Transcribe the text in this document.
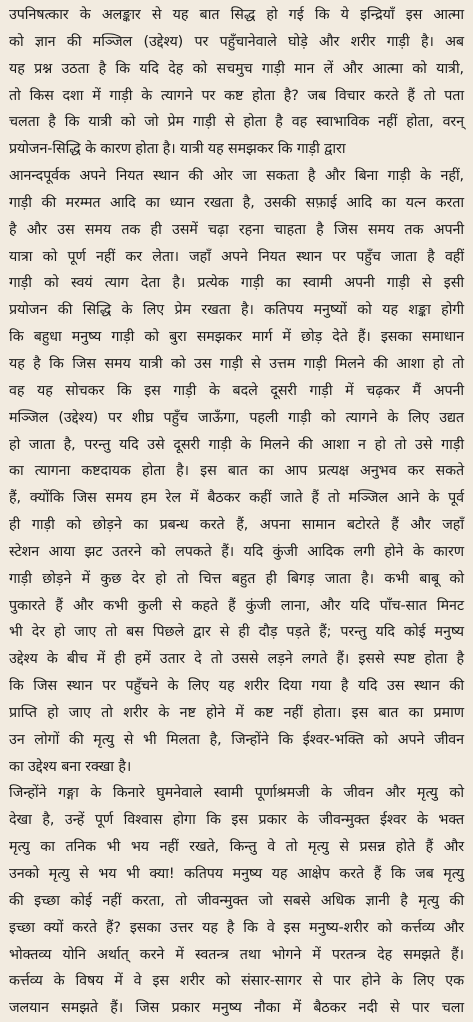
उपनिषत्कार के अलङ्कार से यह बात सिद्ध हो गई कि ये इन्द्रियाँ इस आत्मा
को ज्ञान की मञ्जिल (उद्देश्य) पर पहुँचानेवाले घोड़े और शरीर गाड़ी है। अब
यह प्रश्न उठता है कि यदि देह को सचमुच गाड़ी मान लें और आत्मा को यात्री,
तो किस दशा में गाड़ी के त्यागने पर कष्ट होता है? जब विचार करते हैं तो पता
चलता है कि यात्री को जो प्रेम गाड़ी से होता है वह स्वाभाविक नहीं होता, वरन्
प्रयोजन-सिद्धि के कारण होता है। यात्री यह समझकर कि गाड़ी द्वारा
आनन्दपूर्वक अपने नियत स्थान की ओर जा सकता है और बिना गाड़ी के नहीं,
गाड़ी की मरम्मत आदि का ध्यान रखता है, उसकी सफ़ाई आदि का यत्न करता
है और उस समय तक ही उसमें चढ़ा रहना चाहता है जिस समय तक अपनी
यात्रा को पूर्ण नहीं कर लेता। जहाँ अपने नियत स्थान पर पहुँच जाता है वहीं
गाड़ी को स्वयं त्याग देता है। प्रत्येक गाड़ी का स्वामी अपनी गाड़ी से इसी
प्रयोजन की सिद्धि के लिए प्रेम रखता है। कतिपय मनुष्यों को यह शङ्का होगी
कि बहुधा मनुष्य गाड़ी को बुरा समझकर मार्ग में छोड़ देते हैं। इसका समाधान
यह है कि जिस समय यात्री को उस गाड़ी से उत्तम गाड़ी मिलने की आशा हो तो
वह यह सोचकर कि इस गाड़ी के बदले दूसरी गाड़ी में चढ़कर मैं अपनी
मञ्जिल (उद्देश्य) पर शीघ्र पहुँच जाऊँगा, पहली गाड़ी को त्यागने के लिए उद्यत
हो जाता है, परन्तु यदि उसे दूसरी गाड़ी के मिलने की आशा न हो तो उसे गाड़ी
का त्यागना कष्टदायक होता है। इस बात का आप प्रत्यक्ष अनुभव कर सकते
हैं, क्योंकि जिस समय हम रेल में बैठकर कहीं जाते हैं तो मञ्जिल आने के पूर्व
ही गाड़ी को छोड़ने का प्रबन्ध करते हैं, अपना सामान बटोरते हैं और जहाँ
स्टेशन आया झट उतरने को लपकते हैं। यदि कुंजी आदिक लगी होने के कारण
गाड़ी छोड़ने में कुछ देर हो तो चित्त बहुत ही बिगड़ जाता है। कभी बाबू को
पुकारते हैं और कभी कुली से कहते हैं कुंजी लाना, और यदि पाँच-सात मिनट
भी देर हो जाए तो बस पिछले द्वार से ही दौड़ पड़ते हैं; परन्तु यदि कोई मनुष्य
उद्देश्य के बीच में ही हमें उतार दे तो उससे लड़ने लगते हैं। इससे स्पष्ट होता है
कि जिस स्थान पर पहुँचने के लिए यह शरीर दिया गया है यदि उस स्थान की
प्राप्ति हो जाए तो शरीर के नष्ट होने में कष्ट नहीं होता। इस बात का प्रमाण
उन लोगों की मृत्यु से भी मिलता है, जिन्होंने कि ईश्वर-भक्ति को अपने जीवन
का उद्देश्य बना रक्खा है।
जिन्होंने गङ्गा के किनारे घुमनेवाले स्वामी पूर्णाश्रमजी के जीवन और मृत्यु को
देखा है, उन्हें पूर्ण विश्वास होगा कि इस प्रकार के जीवन्मुक्त ईश्वर के भक्त
मृत्यु का तनिक भी भय नहीं रखते, किन्तु वे तो मृत्यु से प्रसन्न होते हैं और
उनको मृत्यु से भय भी क्या! कतिपय मनुष्य यह आक्षेप करते हैं कि जब मृत्यु
की इच्छा कोई नहीं करता, तो जीवन्मुक्त जो सबसे अधिक ज्ञानी है मृत्यु की
इच्छा क्यों करते हैं? इसका उत्तर यह है कि वे इस मनुष्य-शरीर को कर्त्तव्य और
भोक्तव्य योनि अर्थात् करने में स्वतन्त्र तथा भोगने में परतन्त्र देह समझते हैं।
कर्त्तव्य के विषय में वे इस शरीर को संसार-सागर से पार होने के लिए एक
जलयान समझते हैं। जिस प्रकार मनुष्य नौका में बैठकर नदी से पार चला
